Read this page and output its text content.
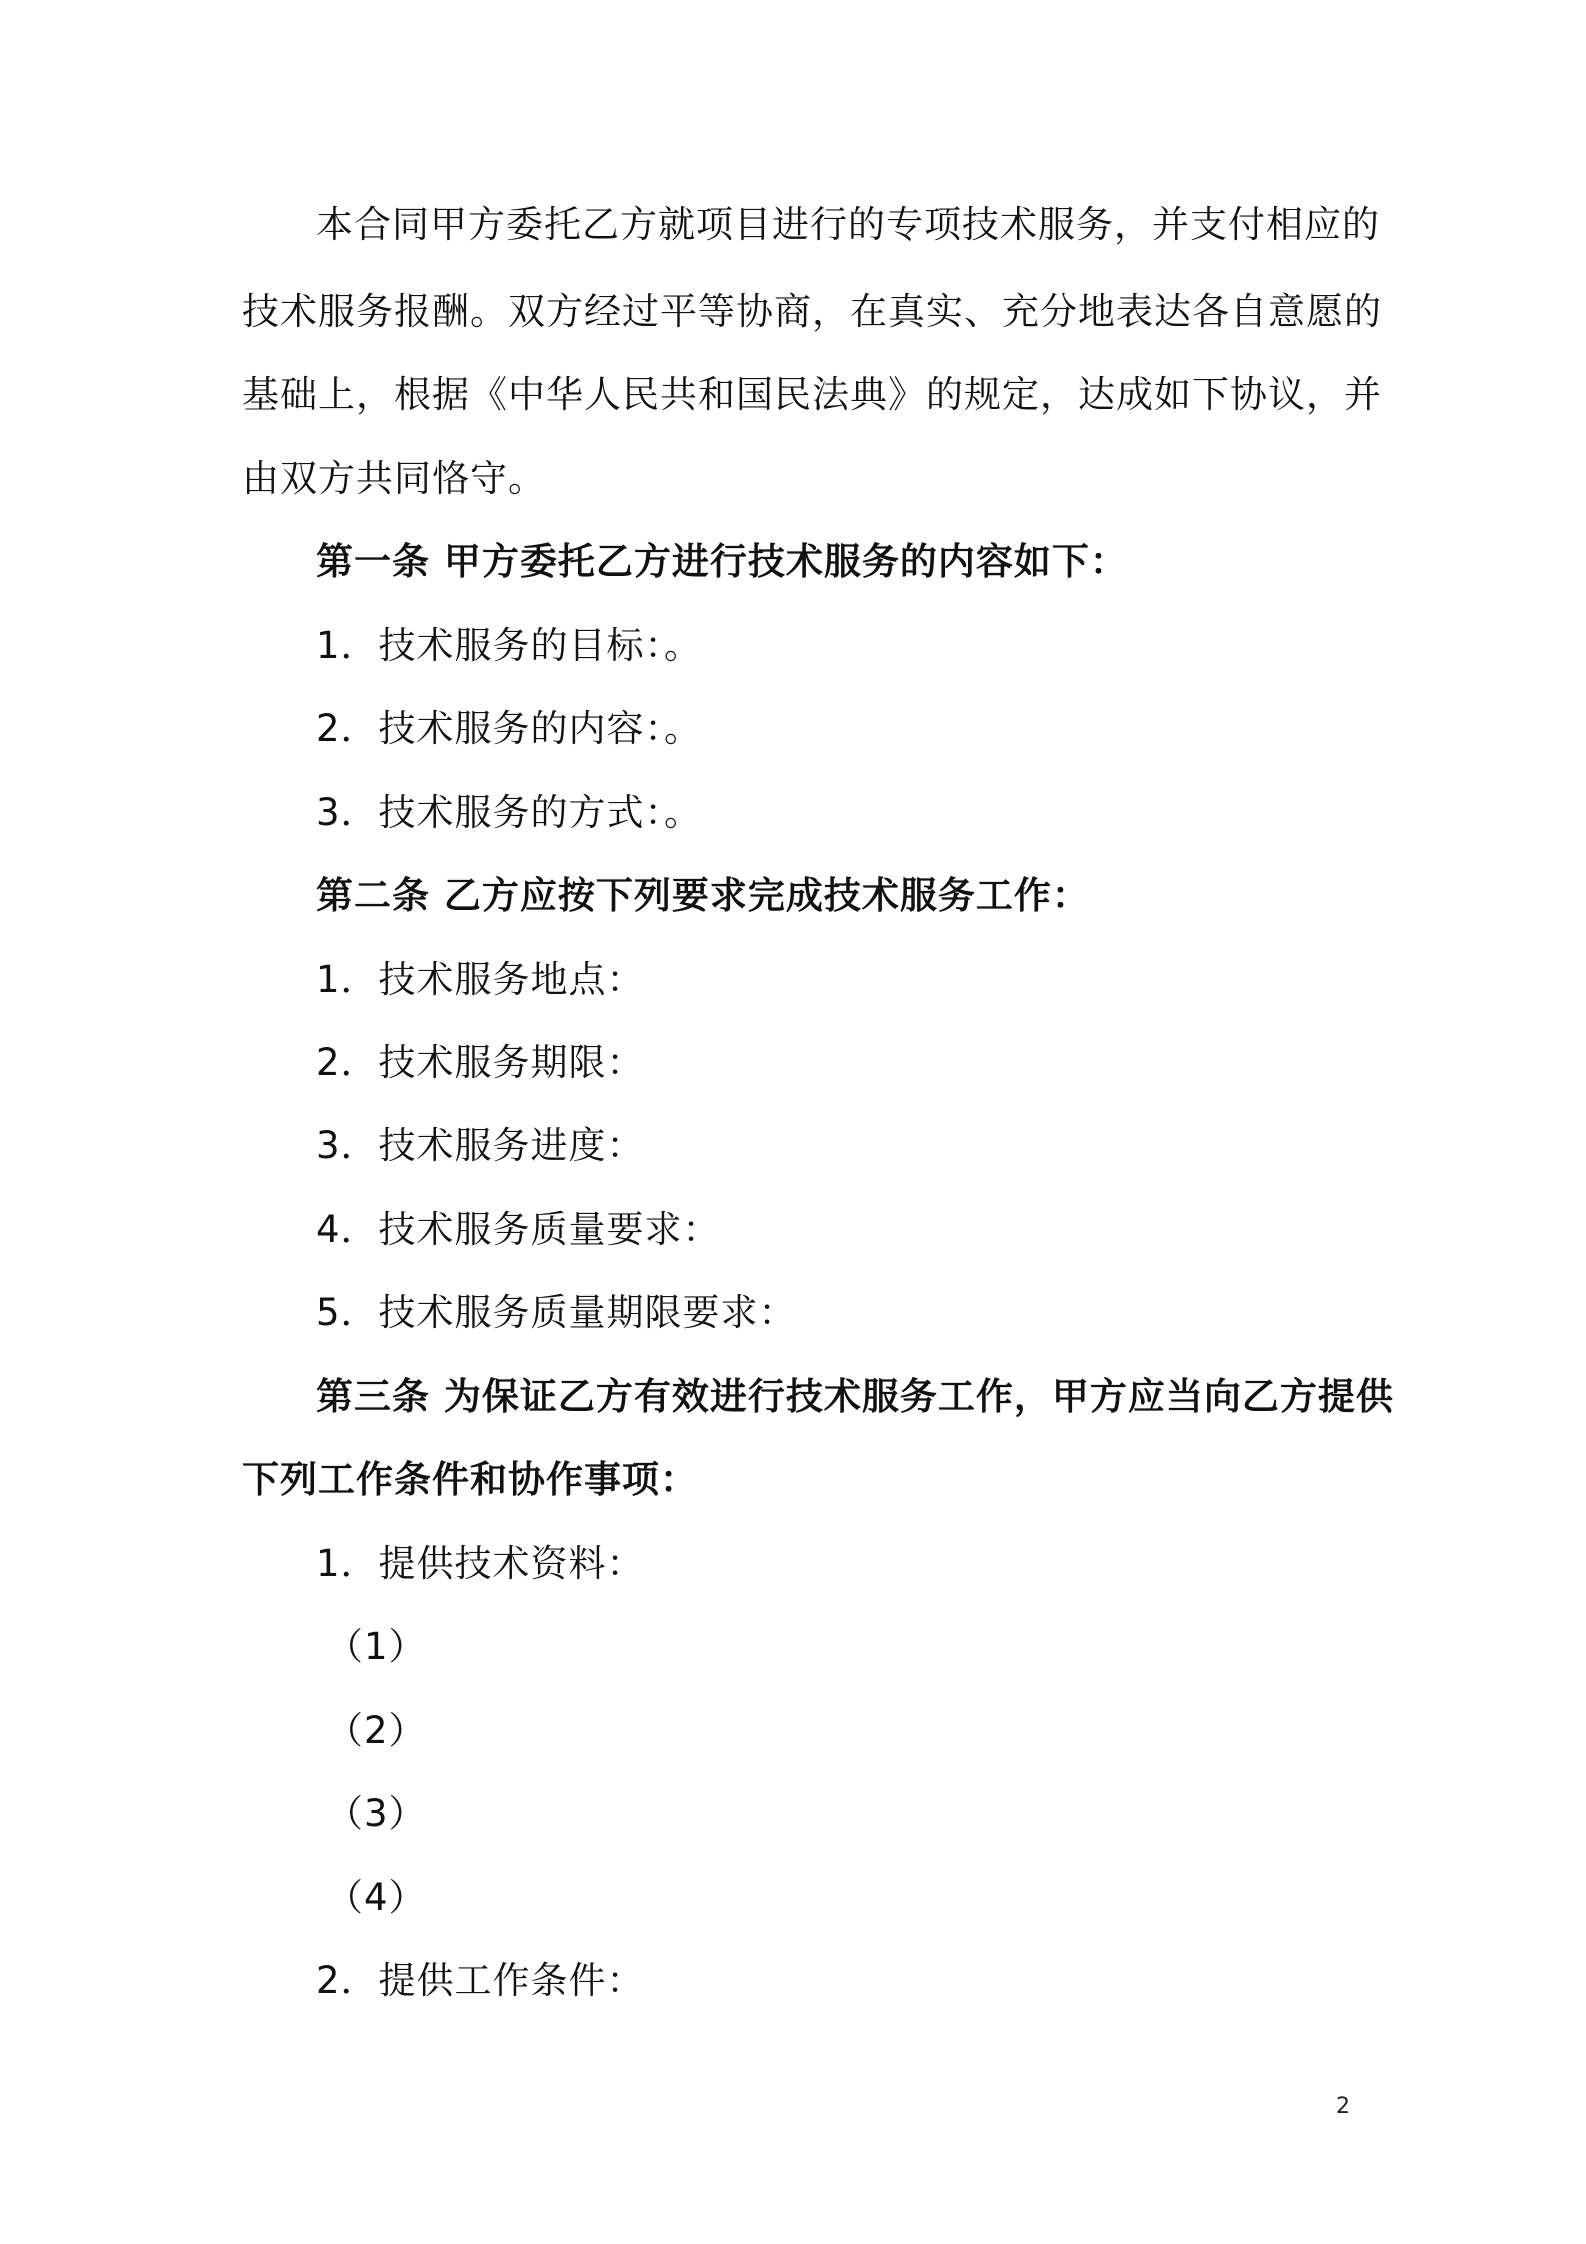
本合同甲方委托乙方就项目进行的专项技术服务，并支付相应的
技术服务报酬。双方经过平等协商，在真实、充分地表达各自意愿的
基础上，根据《中华人民共和国民法典》的规定，达成如下协议，并
由双方共同恪守。
第一条 甲方委托乙方进行技术服务的内容如下：
1．技术服务的目标：。
2．技术服务的内容：。
3．技术服务的方式：。
第二条 乙方应按下列要求完成技术服务工作：
1．技术服务地点：
2．技术服务期限：
3．技术服务进度：
4．技术服务质量要求：
5．技术服务质量期限要求：
第三条 为保证乙方有效进行技术服务工作，甲方应当向乙方提供
下列工作条件和协作事项：
1．提供技术资料：
（1）
（2）
（3）
（4）
2．提供工作条件：
2
